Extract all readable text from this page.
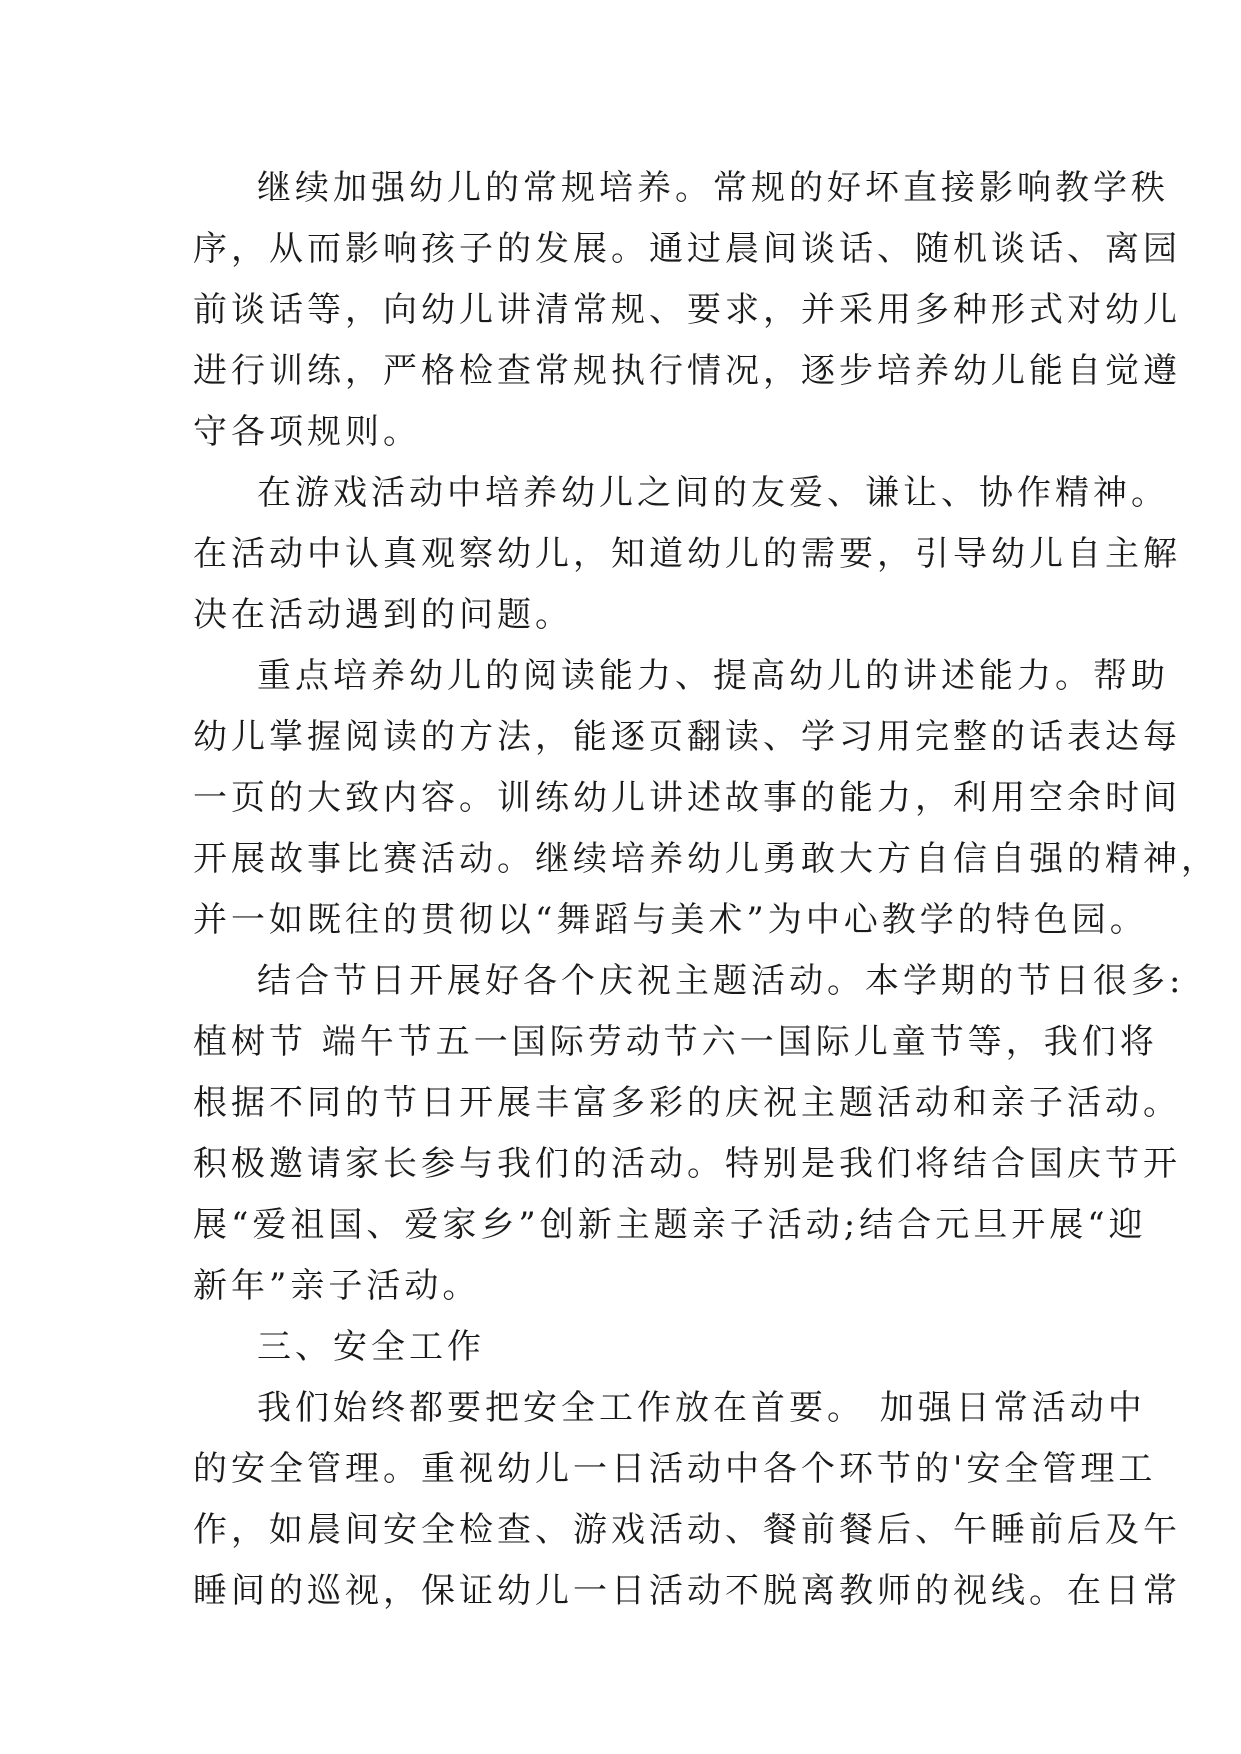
继续加强幼儿的常规培养。常规的好坏直接影响教学秩
序，从而影响孩子的发展。通过晨间谈话、随机谈话、离园
前谈话等，向幼儿讲清常规、要求，并采用多种形式对幼儿
进行训练，严格检查常规执行情况，逐步培养幼儿能自觉遵
守各项规则。
在游戏活动中培养幼儿之间的友爱、谦让、协作精神。
在活动中认真观察幼儿，知道幼儿的需要，引导幼儿自主解
决在活动遇到的问题。
重点培养幼儿的阅读能力、提高幼儿的讲述能力。帮助
幼儿掌握阅读的方法，能逐页翻读、学习用完整的话表达每
一页的大致内容。训练幼儿讲述故事的能力，利用空余时间
开展故事比赛活动。继续培养幼儿勇敢大方自信自强的精神，
并一如既往的贯彻以“舞蹈与美术”为中心教学的特色园。
结合节日开展好各个庆祝主题活动。本学期的节日很多:
植树节 端午节五一国际劳动节六一国际儿童节等，我们将
根据不同的节日开展丰富多彩的庆祝主题活动和亲子活动。
积极邀请家长参与我们的活动。特别是我们将结合国庆节开
展“爱祖国、爱家乡”创新主题亲子活动;结合元旦开展“迎
新年”亲子活动。
三、安全工作
我们始终都要把安全工作放在首要。 加强日常活动中
的安全管理。重视幼儿一日活动中各个环节的'安全管理工
作，如晨间安全检查、游戏活动、餐前餐后、午睡前后及午
睡间的巡视，保证幼儿一日活动不脱离教师的视线。在日常
